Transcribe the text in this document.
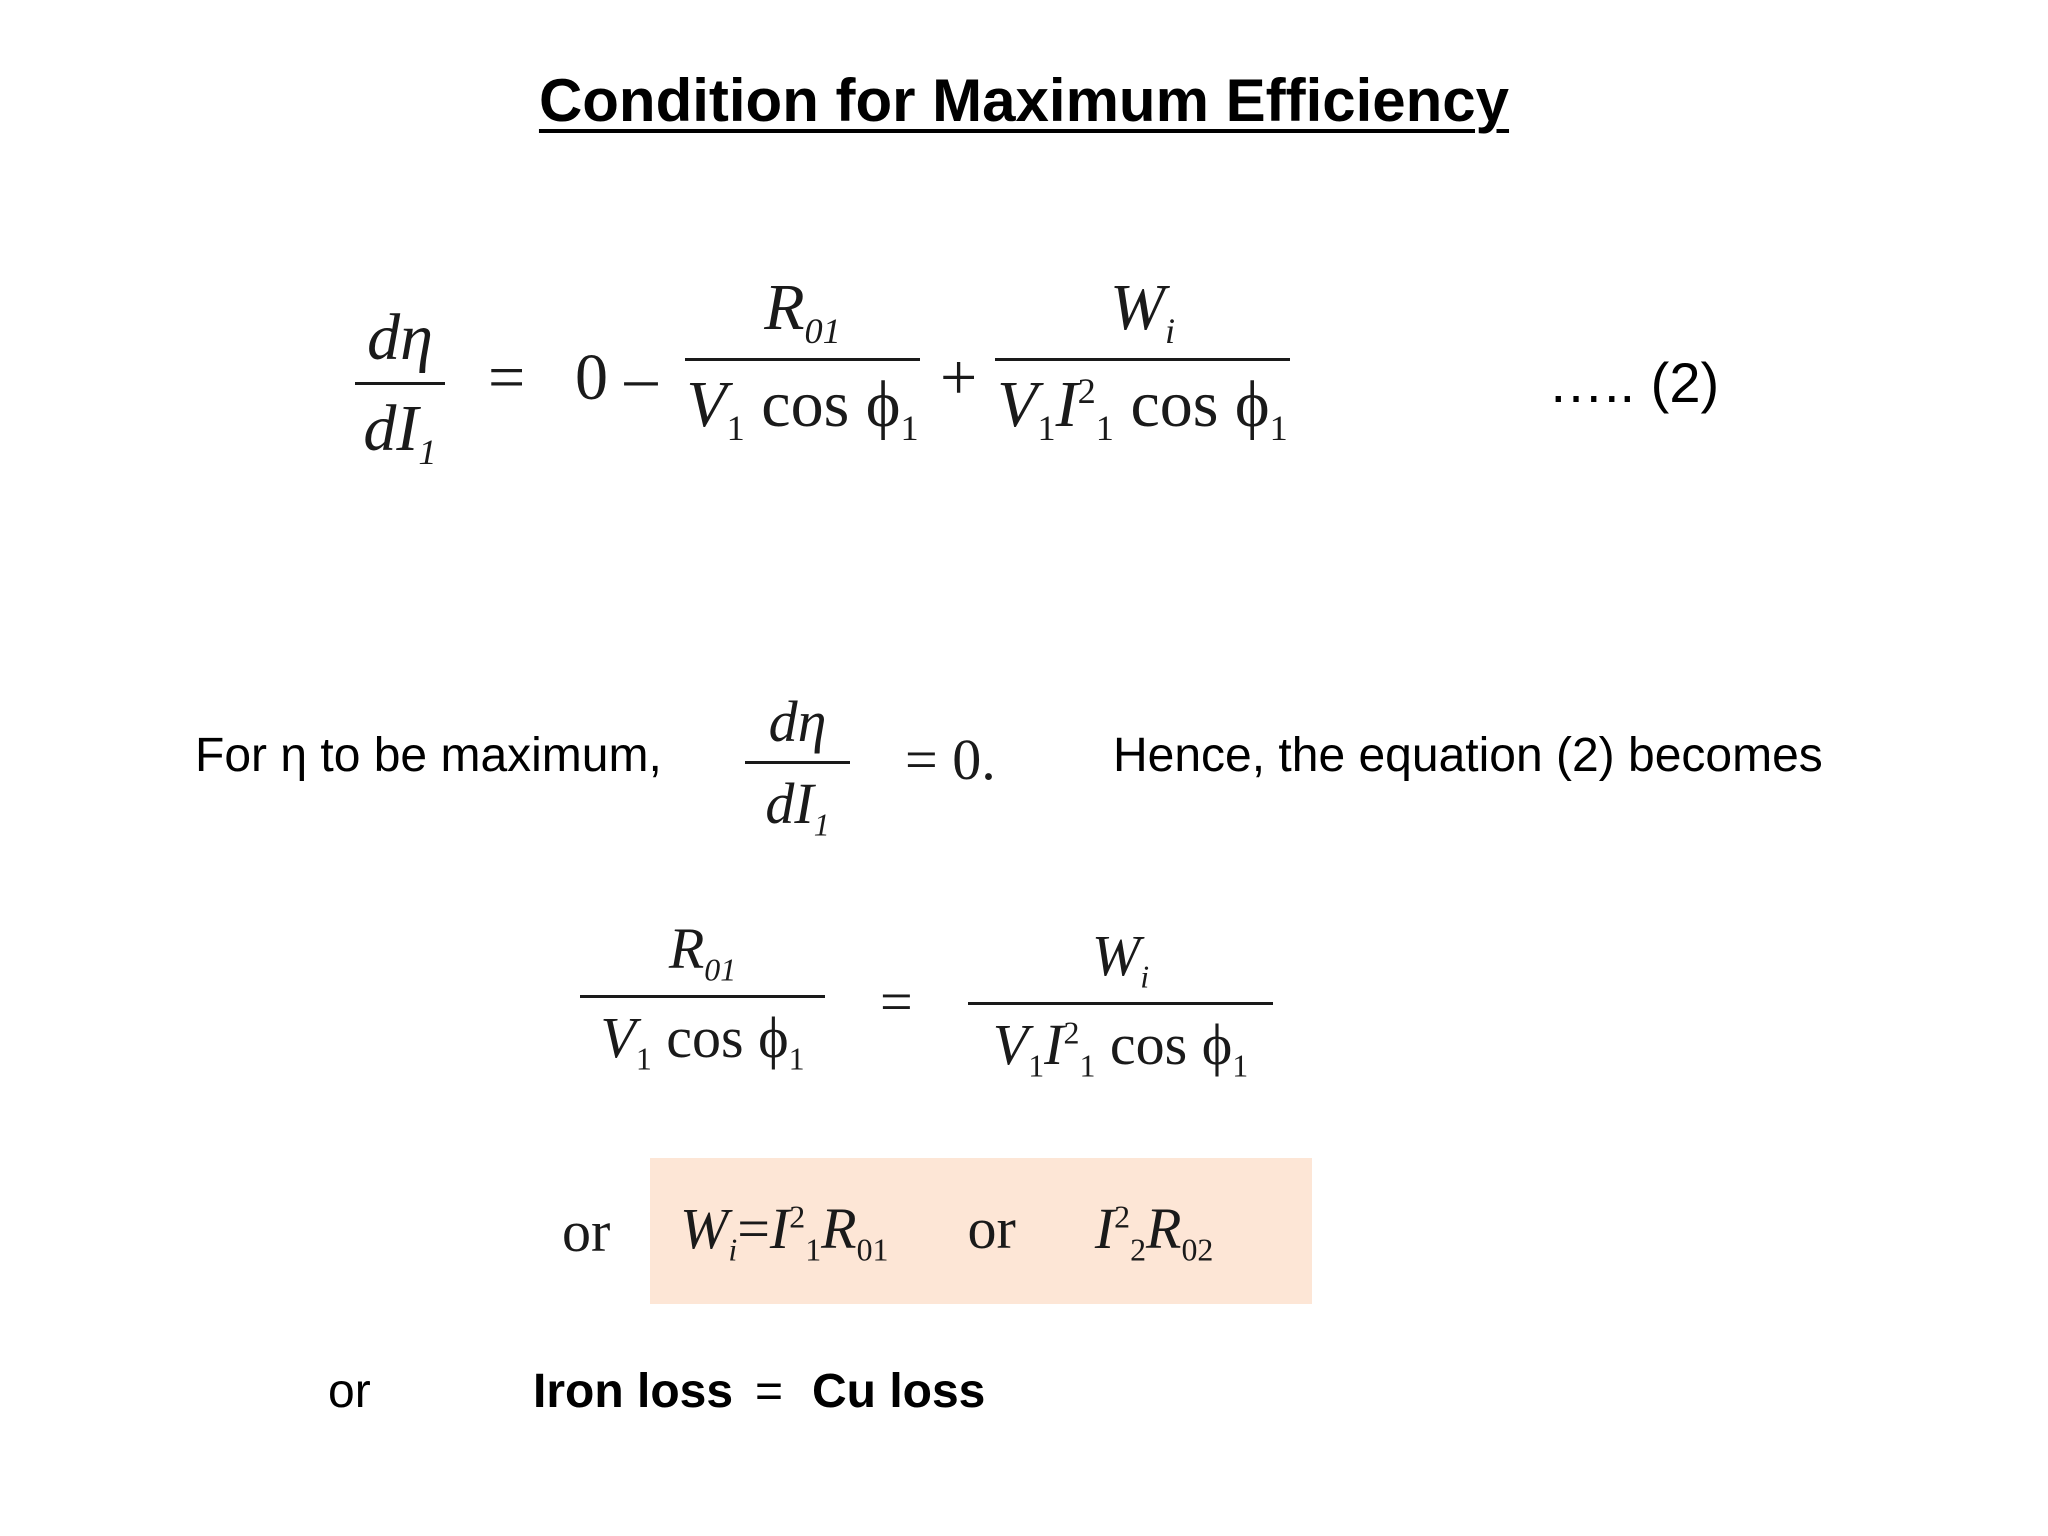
Condition for Maximum Efficiency
dη
$dI_1$
= 0 –
$R_{01}$
$V_1$ $\cos \phi_1$
+
$W_i$
$V_1I^2_1$ $\cos \phi_1$
….. (2)
For η to be maximum,
dη
$dI_1$
= 0. Hence, the equation (2) becomes
$R_{01}$
$V_1$ $\cos \phi_1$
=
$W_i$
$V_1I^2_1$ $\cos \phi_1$
or $W_i=I^2_1R_{01}$ or $I^2_2R_{02}$
or	Iron loss = Cu loss
